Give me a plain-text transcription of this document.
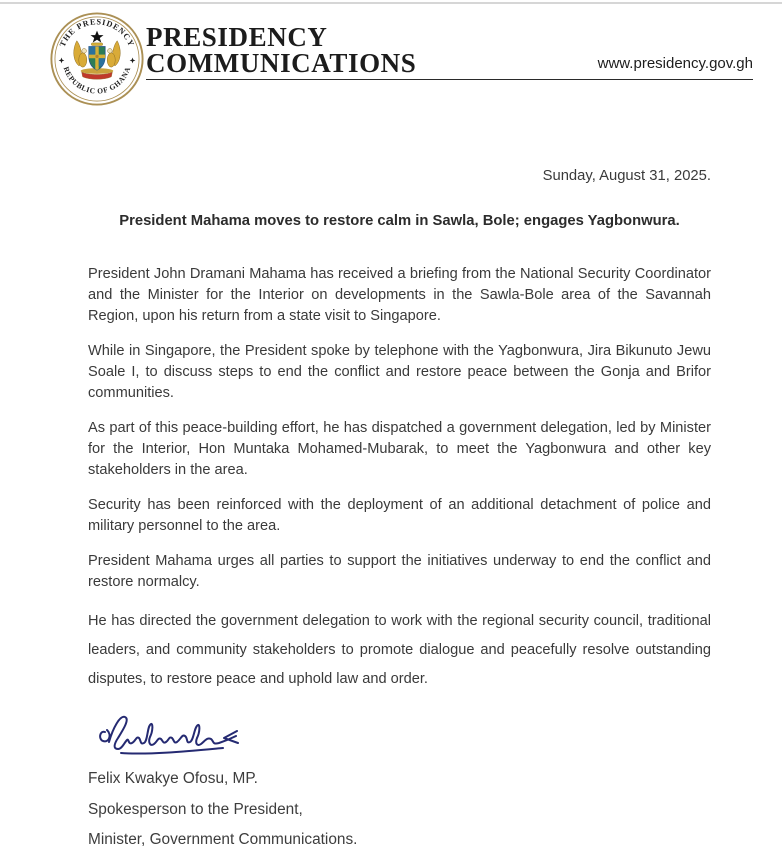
THE PRESIDENCY
REPUBLIC OF GHANA
PRESIDENCY
COMMUNICATIONS	www.presidency.gov.gh

Sunday, August 31, 2025.

President Mahama moves to restore calm in Sawla, Bole; engages Yagbonwura.

President John Dramani Mahama has received a briefing from the National Security Coordinator and the Minister for the Interior on developments in the Sawla-Bole area of the Savannah Region, upon his return from a state visit to Singapore.

While in Singapore, the President spoke by telephone with the Yagbonwura, Jira Bikunuto Jewu Soale I, to discuss steps to end the conflict and restore peace between the Gonja and Brifor communities.

As part of this peace-building effort, he has dispatched a government delegation, led by Minister for the Interior, Hon Muntaka Mohamed-Mubarak, to meet the Yagbonwura and other key stakeholders in the area.

Security has been reinforced with the deployment of an additional detachment of police and military personnel to the area.

President Mahama urges all parties to support the initiatives underway to end the conflict and restore normalcy.

He has directed the government delegation to work with the regional security council, traditional leaders, and community stakeholders to promote dialogue and peacefully resolve outstanding disputes, to restore peace and uphold law and order.

Felix Kwakye Ofosu, MP.

Spokesperson to the President,

Minister, Government Communications.
